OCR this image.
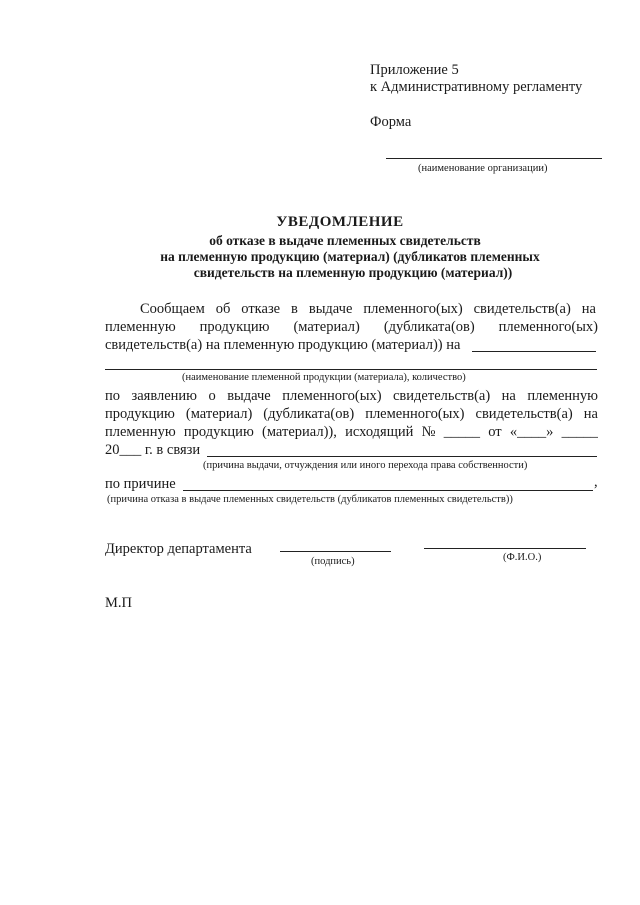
Приложение 5
к Административному регламенту
Форма
(наименование организации)
УВЕДОМЛЕНИЕ
об отказе в выдаче племенных свидетельств
на племенную продукцию (материал) (дубликатов племенных
свидетельств на племенную продукцию (материал))
Сообщаем об отказе в выдаче племенного(ых) свидетельств(а) на
племенную продукцию (материал) (дубликата(ов) племенного(ых)
свидетельств(а) на племенную продукцию (материал)) на
(наименование племенной продукции (материала), количество)
по заявлению о выдаче племенного(ых) свидетельств(а) на племенную
продукцию (материал) (дубликата(ов) племенного(ых) свидетельств(а) на
племенную продукцию (материал)), исходящий № _____ от «____» _____
20___ г. в связи
(причина выдачи, отчуждения или иного перехода права собственности)
по причине	,
(причина отказа в выдаче племенных свидетельств (дубликатов племенных свидетельств))
Директор департамента
(подпись)	(Ф.И.О.)
М.П
